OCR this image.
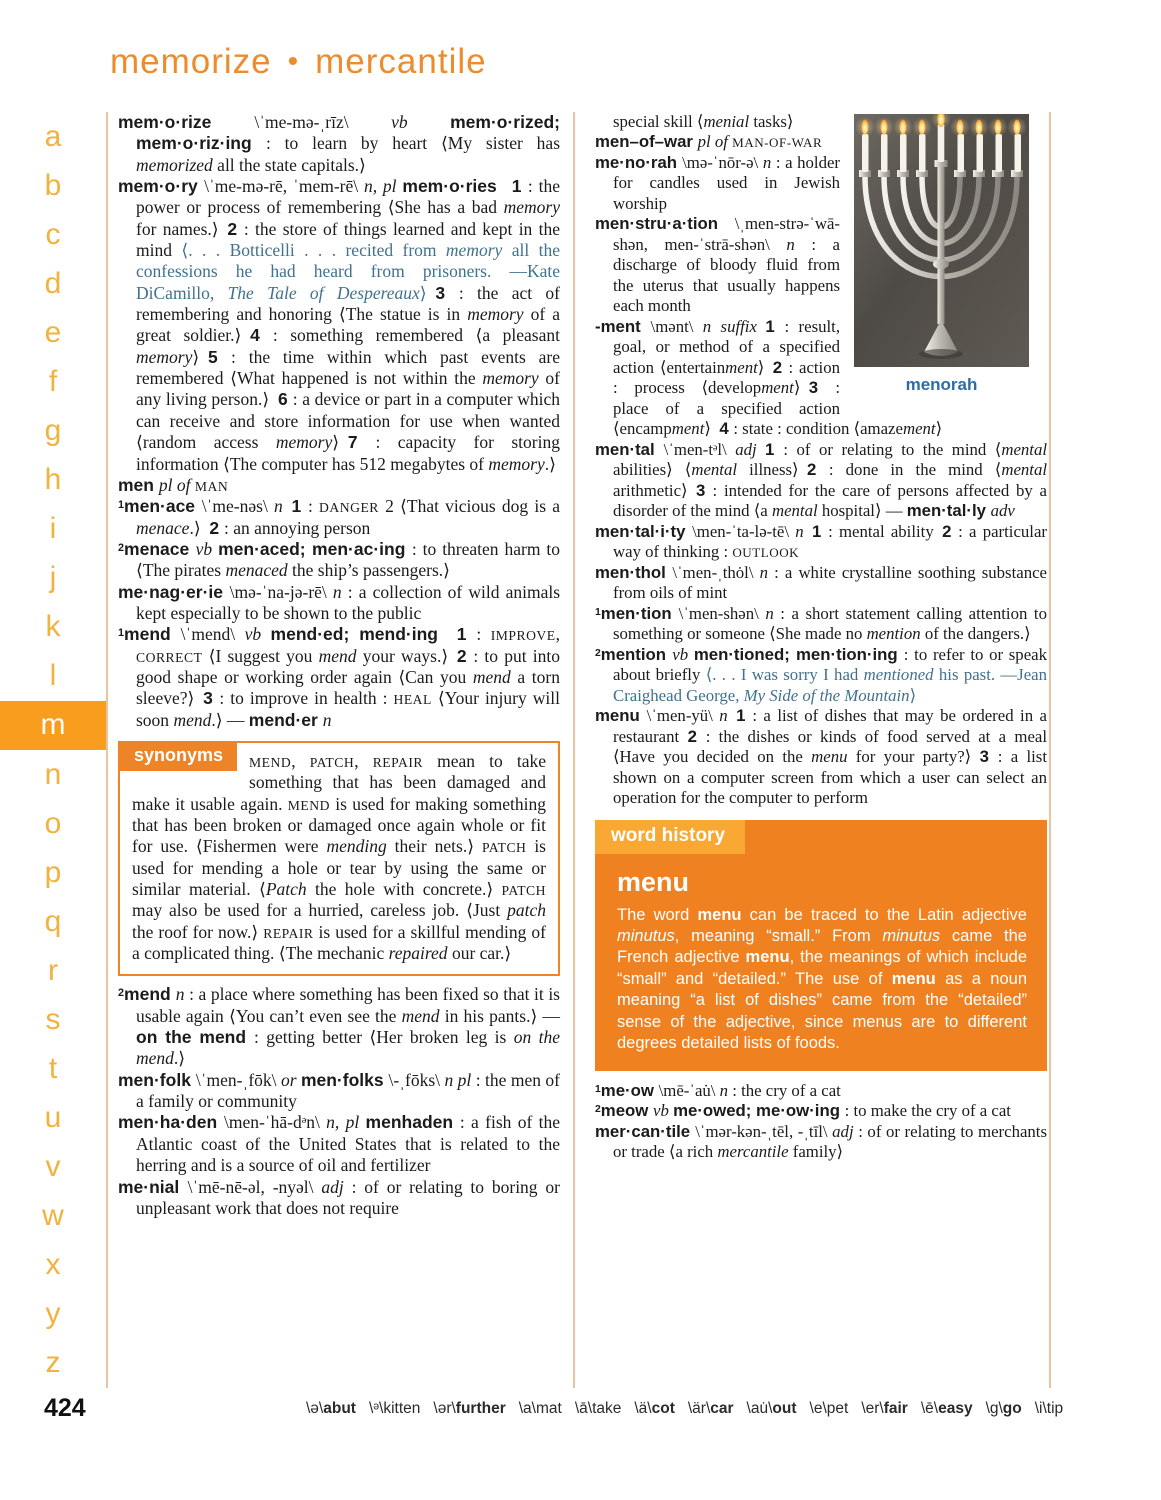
memorize • mercantile
a
b
c
d
e
f
g
h
i
j
k
l
m
n
o
p
q
r
s
t
u
v
w
x
y
z
mem·o·rize \ˈme-mə-ˌrīz\ vb mem·o·rized; mem·o·riz·ing : to learn by heart ⟨My sister has memorized all the state capitals.⟩
mem·o·ry \ˈme-mə-rē, ˈmem-rē\ n, pl mem·o·ries  1 : the power or process of remembering ⟨She has a bad memory for names.⟩ 2 : the store of things learned and kept in the mind ⟨. . . Botticelli . . . recited from memory all the confessions he had heard from prisoners. —Kate DiCamillo, The Tale of Despereaux⟩ 3 : the act of remembering and honoring ⟨The statue is in memory of a great soldier.⟩ 4 : something remembered ⟨a pleasant memory⟩ 5 : the time within which past events are remembered ⟨What happened is not within the memory of any living person.⟩ 6 : a device or part in a computer which can receive and store information for use when wanted ⟨random access memory⟩ 7 : capacity for storing information ⟨The computer has 512 megabytes of memory.⟩
men pl of MAN
$^1$men·ace \ˈme-nəs\ n  1 : DANGER 2 ⟨That vicious dog is a menace.⟩ 2 : an annoying person
$^2$menace vb men·aced; men·ac·ing : to threaten harm to ⟨The pirates menaced the ship’s passengers.⟩
me·nag·er·ie \mə-ˈna-jə-rē\ n : a collection of wild animals kept especially to be shown to the public
$^1$mend \ˈmend\ vb mend·ed; mend·ing  1 : IMPROVE, CORRECT ⟨I suggest you mend your ways.⟩ 2 : to put into good shape or working order again ⟨Can you mend a torn sleeve?⟩ 3 : to improve in health : HEAL ⟨Your injury will soon mend.⟩ — mend·er n
synonyms	MEND, PATCH, REPAIR mean to take something that has been damaged and make it usable again. MEND is used for making something that has been broken or damaged once again whole or fit for use. ⟨Fishermen were mending their nets.⟩ PATCH is used for mending a hole or tear by using the same or similar material. ⟨Patch the hole with concrete.⟩ PATCH may also be used for a hurried, careless job. ⟨Just patch the roof for now.⟩ REPAIR is used for a skillful mending of a complicated thing. ⟨The mechanic repaired our car.⟩
$^2$mend n : a place where something has been fixed so that it is usable again ⟨You can’t even see the mend in his pants.⟩ — on the mend : getting better ⟨Her broken leg is on the mend.⟩
men·folk \ˈmen-ˌfōk\ or men·folks \-ˌfōks\ n pl : the men of a family or community
men·ha·den \men-ˈhā-dᵊn\ n, pl menhaden : a fish of the Atlantic coast of the United States that is related to the herring and is a source of oil and fertilizer
me·nial \ˈmē-nē-əl, -nyəl\ adj : of or relating to boring or unpleasant work that does not require
menorah
special skill ⟨menial tasks⟩
men–of–war pl of MAN-OF-WAR
me·no·rah \mə-ˈnōr-ə\ n : a holder for candles used in Jewish worship
men·stru·a·tion \ˌmen-strə-ˈwā-shən, men-ˈstrā-shən\ n : a discharge of bloody fluid from the uterus that usually happens each month
-ment \mənt\ n suffix  1 : result, goal, or method of a specified action ⟨entertainment⟩ 2 : action : process ⟨development⟩ 3 : place of a specified action ⟨encampment⟩ 4 : state : condition ⟨amazement⟩
men·tal \ˈmen-tᵊl\ adj  1 : of or relating to the mind ⟨mental abilities⟩ ⟨mental illness⟩ 2 : done in the mind ⟨mental arithmetic⟩ 3 : intended for the care of persons affected by a disorder of the mind ⟨a mental hospital⟩ — men·tal·ly adv
men·tal·i·ty \men-ˈta-lə-tē\ n  1 : mental ability 2 : a particular way of thinking : OUTLOOK
men·thol \ˈmen-ˌthȯl\ n : a white crystalline soothing substance from oils of mint
$^1$men·tion \ˈmen-shən\ n : a short statement calling attention to something or someone ⟨She made no mention of the dangers.⟩
$^2$mention vb men·tioned; men·tion·ing : to refer to or speak about briefly ⟨. . . I was sorry I had mentioned his past. —Jean Craighead George, My Side of the Mountain⟩
menu \ˈmen-yü\ n  1 : a list of dishes that may be ordered in a restaurant 2 : the dishes or kinds of food served at a meal ⟨Have you decided on the menu for your party?⟩ 3 : a list shown on a computer screen from which a user can select an operation for the computer to perform
word history
menu
The word menu can be traced to the Latin adjective minutus, meaning “small.” From minutus came the French adjective menu, the meanings of which include “small” and “detailed.” The use of menu as a noun meaning “a list of dishes” came from the “detailed” sense of the adjective, since menus are to different degrees detailed lists of foods.
$^1$me·ow \mē-ˈau̇\ n : the cry of a cat
$^2$meow vb me·owed; me·ow·ing : to make the cry of a cat
mer·can·tile \ˈmər-kən-ˌtēl, -ˌtīl\ adj : of or relating to merchants or trade ⟨a rich mercantile family⟩
424	\ə\abut \ᵊ\kitten \ər\further \a\mat \ā\take \ä\cot \är\car \au̇\out \e\pet \er\fair \ē\easy \g\go \i\tip
